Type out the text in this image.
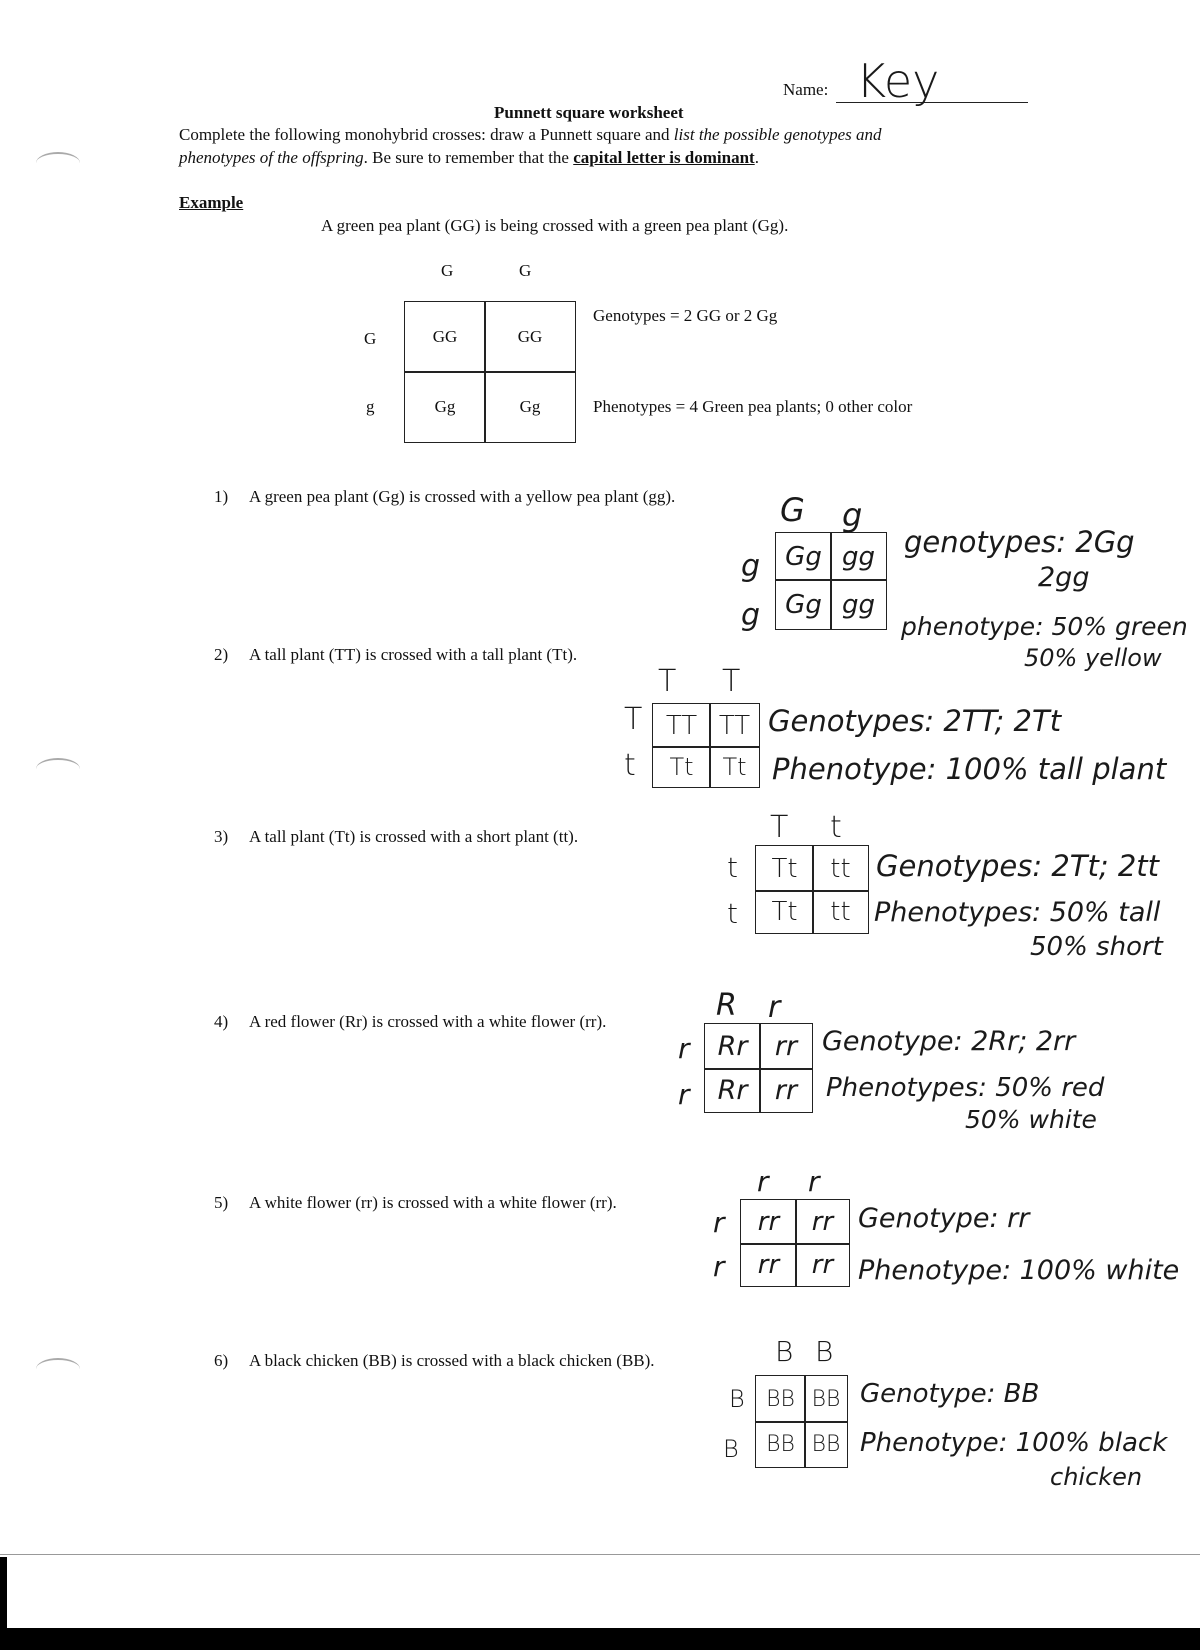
Name: Key
Punnett square worksheet
Complete the following monohybrid crosses: draw a Punnett square and list the possible genotypes and
phenotypes of the offspring. Be sure to remember that the capital letter is dominant.
Example
A green pea plant (GG) is being crossed with a green pea plant (Gg).
G	G
G
g
GG	GG
Gg	Gg
Genotypes = 2 GG or 2 Gg
Phenotypes = 4 Green pea plants; 0 other color
1) A green pea plant (Gg) is crossed with a yellow pea plant (gg).	G g
g
g
Gg gg
Gg gg
genotypes: 2Gg
2gg
phenotype: 50% green
50% yellow
2) A tall plant (TT) is crossed with a tall plant (Tt).
T T
T
t
TT TT
Tt	Tt
Genotypes: 2TT; 2Tt
Phenotype: 100% tall plant
3) A tall plant (Tt) is crossed with a short plant (tt).	T t
t
t
Tt	tt
Tt	tt
Genotypes: 2Tt; 2tt
Phenotypes: 50% tall
50% short
4) A red flower (Rr) is crossed with a white flower (rr).	R r
r
r
Rr	rr
Rr	rr
Genotype: 2Rr; 2rr
Phenotypes: 50% red
50% white
5) A white flower (rr) is crossed with a white flower (rr).
r r
r
r
rr	rr
rr	rr
Genotype: rr
Phenotype: 100% white
6) A black chicken (BB) is crossed with a black chicken (BB).	B B
B
B
BB BB
BB BB
Genotype: BB
Phenotype: 100% black
chicken
